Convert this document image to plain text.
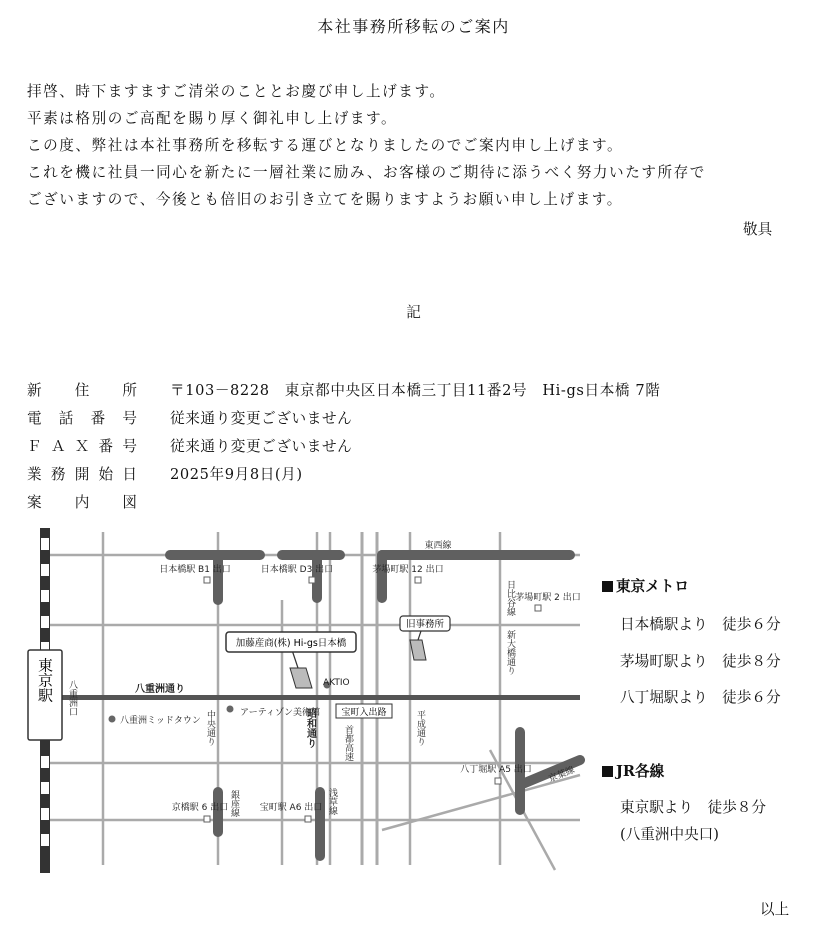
本社事務所移転のご案内
拝啓、時下ますますご清栄のこととお慶び申し上げます。
平素は格別のご高配を賜り厚く御礼申し上げます。
この度、弊社は本社事務所を移転する運びとなりましたのでご案内申し上げます。
これを機に社員一同心を新たに一層社業に励み、お客様のご期待に添うべく努力いたす所存で
ございますので、今後とも倍旧のお引き立てを賜りますようお願い申し上げます。
敬具
記
新 住 所 〒103－8228　東京都中央区日本橋三丁目11番2号　Hi-gs日本橋 7階
電 話 番 号 従来通り変更ございません
Ｆ Ａ Ｘ 番 号 従来通り変更ございません
業 務 開 始 日 2025年9月8日(月)
案 内 図
東京駅
加藤産商(株) Hi-gs日本橋
旧事務所
宝町入出路
東西線
八重洲通り
AKTIO
日本橋駅 B1 出口	日本橋駅 D3 出口	茅場町駅 12 出口
茅場町駅 2 出口
八丁堀駅 A5 出口
京橋駅 6 出口	宝町駅 A6 出口
アーティゾン美術館
八重洲ミッドタウン
京葉線
日比谷線
新大橋通り
中央通り	平成通り
首都高速
銀座線	浅草線
八重洲口
昭和通り
東京メトロ
日本橋駅より　徒歩６分
茅場町駅より　徒歩８分
八丁堀駅より　徒歩６分
JR各線
東京駅より　徒歩８分
(八重洲中央口)
以上
